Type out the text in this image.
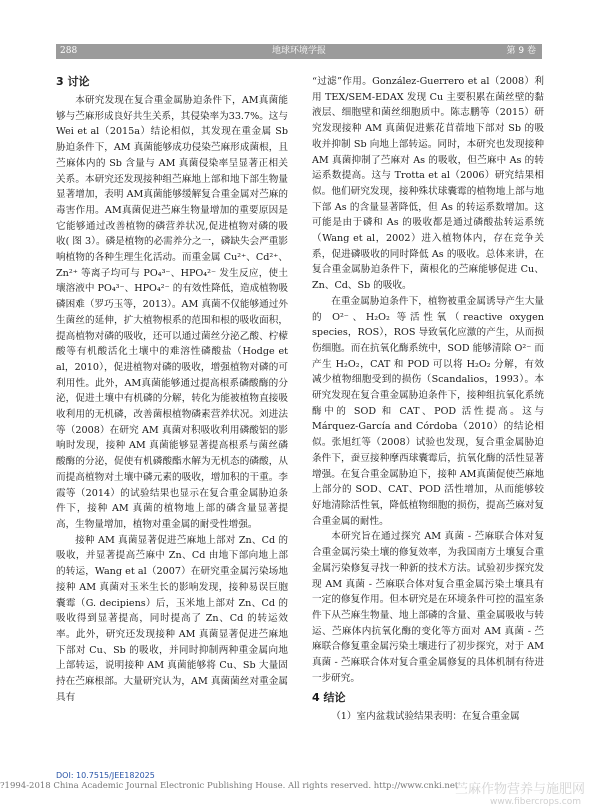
288	地球环境学报	第 9 卷
3 讨论

本研究发现在复合重金属胁迫条件下，AM真菌能够与苎麻形成良好共生关系，其侵染率为33.7%。这与 Wei et al（2015a）结论相似，其发现在重金属 Sb 胁迫条件下，AM 真菌能够成功侵染苎麻形成菌根，且苎麻体内的 Sb 含量与 AM 真菌侵染率呈显著正相关关系。本研究还发现接种组苎麻地上部和地下部生物量显著增加，表明 AM真菌能够缓解复合重金属对苎麻的毒害作用。AM真菌促进苎麻生物量增加的重要原因是它能够通过改善植物的磷营养状况,促进植物对磷的吸收( 图 3）。磷是植物的必需养分之一，磷缺失会严重影响植物的各种生理生化活动。而重金属 Cu²⁺、Cd²⁺、Zn²⁺ 等离子均可与 PO₄³⁻、HPO₄²⁻ 发生反应，使土壤溶液中 PO₄³⁻、HPO₄²⁻ 的有效性降低，造成植物吸磷困难（罗巧玉等，2013）。AM 真菌不仅能够通过外生菌丝的延伸，扩大植物根系的范围和根的吸收面积，提高植物对磷的吸收，还可以通过菌丝分泌乙酸、柠檬酸等有机酸活化土壤中的难溶性磷酸盐（Hodge et al，2010），促进植物对磷的吸收，增强植物对磷的可利用性。此外，AM真菌能够通过提高根系磷酸酶的分泌，促进土壤中有机磷的分解，转化为能被植物直接吸收利用的无机磷，改善菌根植物磷素营养状况。刘进法等（2008）在研究 AM 真菌对积吸收利用磷酸铝的影响时发现，接种 AM 真菌能够显著提高根系与菌丝磷酸酶的分泌，促使有机磷酸酯水解为无机态的磷酸，从而提高植物对土壤中磷元素的吸收，增加积的干重。李霞等（2014）的试验结果也显示在复合重金属胁迫条件下，接种 AM 真菌的植物地上部的磷含量显著提高，生物量增加，植物对重金属的耐受性增强。

接种 AM 真菌显著促进苎麻地上部对 Zn、Cd 的吸收，并显著提高苎麻中 Zn、Cd 由地下部向地上部的转运，Wang et al（2007）在研究重金属污染场地接种 AM 真菌对玉米生长的影响发现，接种易误巨胞囊霉（G. decipiens）后，玉米地上部对 Zn、Cd 的吸收得到显著提高，同时提高了 Zn、Cd 的转运效率。此外，研究还发现接种 AM 真菌显著促进苎麻地下部对 Cu、Sb 的吸收，并同时抑制两种重金属向地上部转运，说明接种 AM 真菌能够将 Cu、Sb 大量固持在苎麻根部。大量研究认为，AM 真菌菌丝对重金属具有

“过滤”作用。González-Guerrero et al（2008）利用 TEX/SEM-EDAX 发现 Cu 主要积累在菌丝壁的黏液层、细胞壁和菌丝细胞质中。陈志鹏等（2015）研究发现接种 AM 真菌促进紫花苜蓿地下部对 Sb 的吸收并抑制 Sb 向地上部转运。同时，本研究也发现接种 AM 真菌抑制了苎麻对 As 的吸收，但苎麻中 As 的转运系数提高。这与 Trotta et al（2006）研究结果相似。他们研究发现，接种殊状球囊霉的植物地上部与地下部 As 的含量显著降低，但 As 的转运系数增加。这可能是由于磷和 As 的吸收都是通过磷酸盐转运系统（Wang et al，2002）进入植物体内，存在竞争关系，促进磷吸收的同时降低 As 的吸收。总体来讲，在复合重金属胁迫条件下，菌根化的苎麻能够促进 Cu、Zn、Cd、Sb 的吸收。

在重金属胁迫条件下，植物被重金属诱导产生大量的 O²⁻、H₂O₂ 等活性氧（reactive oxygen species，ROS），ROS 导致氧化应激的产生，从而损伤细胞。而在抗氧化酶系统中，SOD 能够清除 O²⁻ 而产生 H₂O₂，CAT 和 POD 可以将 H₂O₂ 分解，有效减少植物细胞受到的损伤（Scandalios，1993）。本研究发现在复合重金属胁迫条件下，接种组抗氧化系统酶中的 SOD 和 CAT、POD 活性提高。这与 Márquez-García and Córdoba（2010）的结论相似。张旭红等（2008）试验也发现，复合重金属胁迫条件下，蚕豆接种摩西球囊霉后，抗氧化酶的活性显著增强。在复合重金属胁迫下，接种 AM真菌促使苎麻地上部分的 SOD、CAT、POD 活性增加，从而能够较好地清除活性氧，降低植物细胞的损伤，提高苎麻对复合重金属的耐性。

本研究旨在通过探究 AM 真菌 - 苎麻联合体对复合重金属污染土壤的修复效率，为我国南方土壤复合重金属污染修复寻找一种新的技术方法。试验初步探究发现 AM 真菌 - 苎麻联合体对复合重金属污染土壤具有一定的修复作用。但本研究是在环境条件可控的温室条件下从苎麻生物量、地上部磷的含量、重金属吸收与转运、苎麻体内抗氧化酶的变化等方面对 AM 真菌 - 苎麻联合修复重金属污染土壤进行了初步探究，对于 AM 真菌 - 苎麻联合体对复合重金属修复的具体机制有待进一步研究。

4 结论

（1）室内盆栽试验结果表明：在复合重金属

DOI: 10.7515/JEE182025
?1994-2018 China Academic Journal Electronic Publishing House. All rights reserved. http://www.cnki.net
苎麻作物营养与施肥网
www.fibercrops.com
